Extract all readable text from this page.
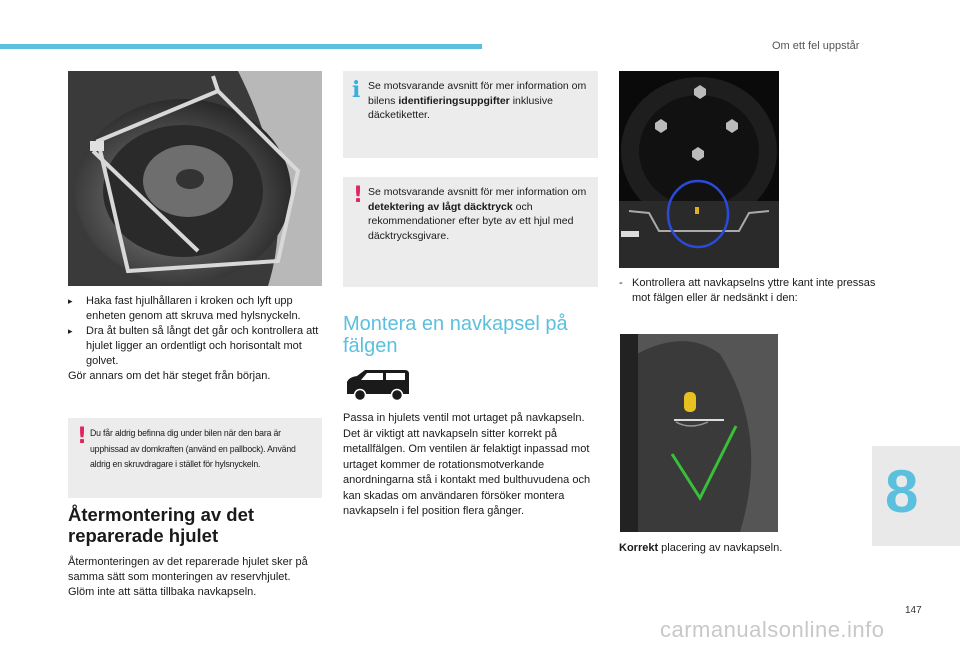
Om ett fel uppstår
▸ Haka fast hjulhållaren i kroken och lyft upp enheten genom att skruva med hylsnyckeln.
▸ Dra åt bulten så långt det går och kontrollera att hjulet ligger an ordentligt och horisontalt mot golvet.
Gör annars om det här steget från början.
! Du får aldrig befinna dig under bilen när den bara är upphissad av domkraften (använd en pallbock). Använd aldrig en skruvdragare i stället för hylsnyckeln.
Återmontering av det reparerade hjulet
Återmonteringen av det reparerade hjulet sker på samma sätt som monteringen av reservhjulet. Glöm inte att sätta tillbaka navkapseln.
i Se motsvarande avsnitt för mer information om bilens identifieringsuppgifter inklusive däcketiketter.
! Se motsvarande avsnitt för mer information om detektering av lågt däcktryck och rekommendationer efter byte av ett hjul med däcktrycksgivare.
Montera en navkapsel på fälgen
Passa in hjulets ventil mot urtaget på navkapseln.
Det är viktigt att navkapseln sitter korrekt på metallfälgen. Om ventilen är felaktigt inpassad mot urtaget kommer de rotationsmotverkande anordningarna stå i kontakt med bulthuvudena och kan skadas om användaren försöker montera navkapseln i fel position flera gånger.
- Kontrollera att navkapselns yttre kant inte pressas mot fälgen eller är nedsänkt i den:
Korrekt placering av navkapseln.
8
147
carmanualsonline.info
